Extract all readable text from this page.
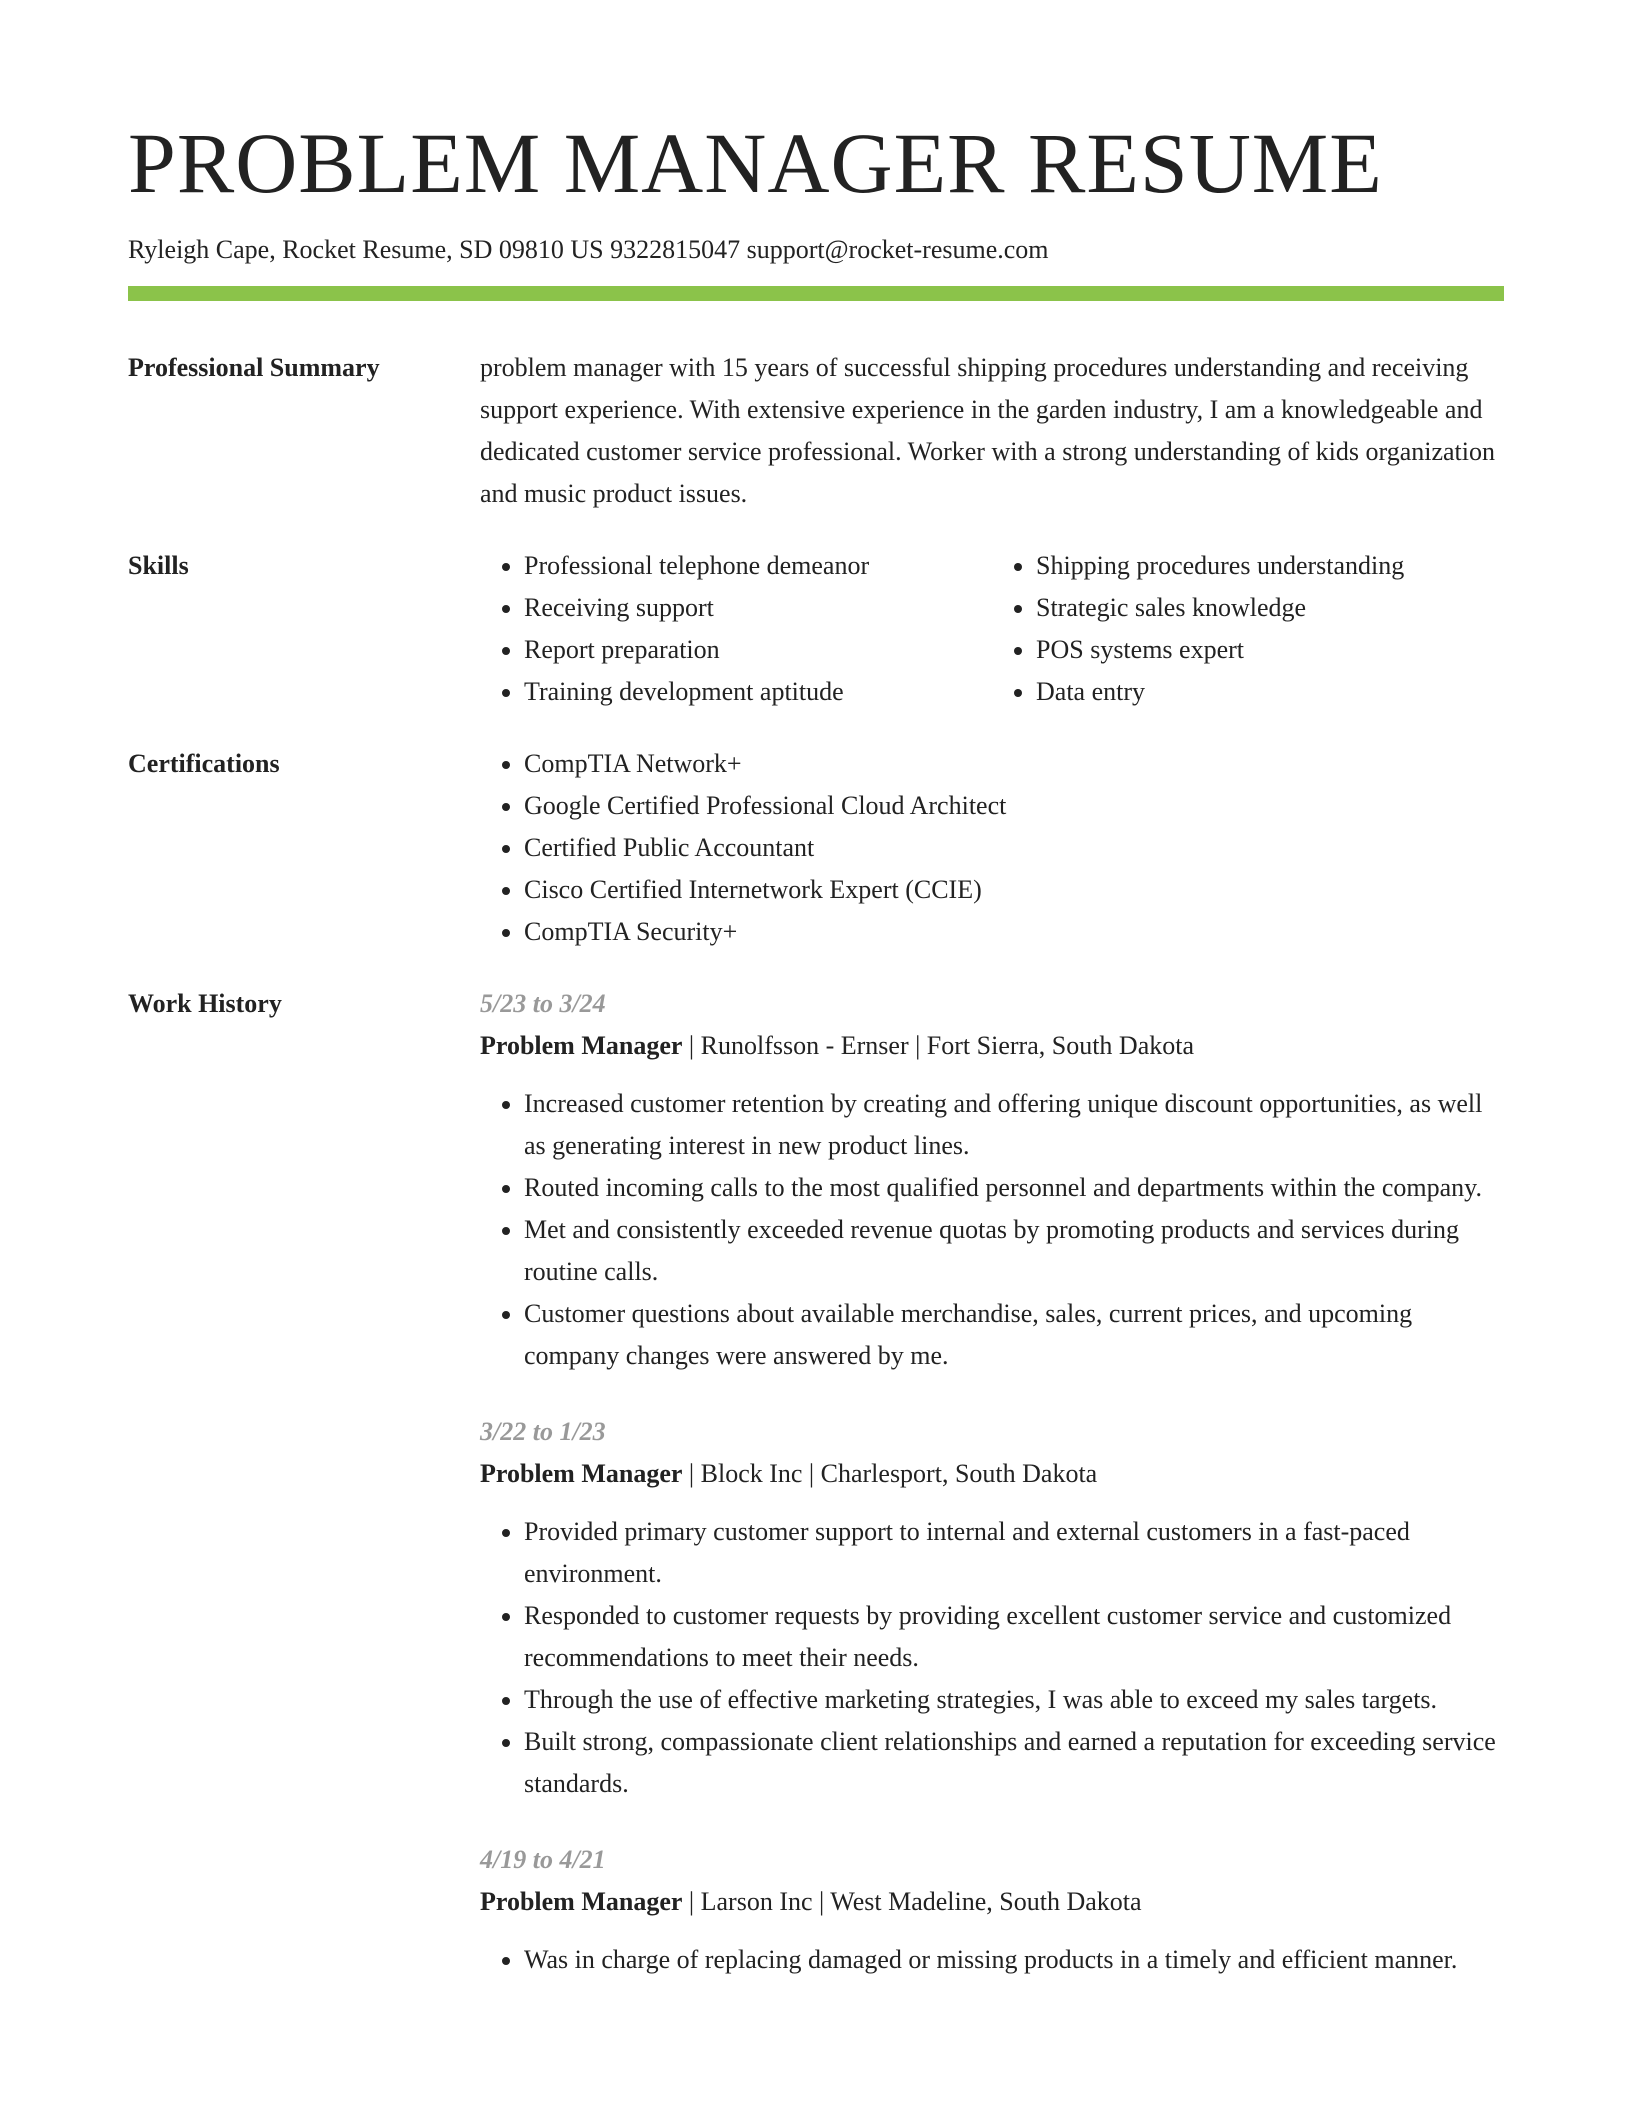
PROBLEM MANAGER RESUME
Ryleigh Cape, Rocket Resume, SD 09810 US 9322815047 support@rocket-resume.com
Professional Summary	problem manager with 15 years of successful shipping procedures understanding and receiving support experience. With extensive experience in the garden industry, I am a knowledgeable and dedicated customer service professional. Worker with a strong understanding of kids organization and music product issues.

Skills	• Professional telephone demeanor
• Receiving support
• Report preparation
• Training development aptitude
• Shipping procedures understanding
• Strategic sales knowledge
• POS systems expert
• Data entry
Certifications	• CompTIA Network+
• Google Certified Professional Cloud Architect
• Certified Public Accountant
• Cisco Certified Internetwork Expert (CCIE)
• CompTIA Security+
Work History	5/23 to 3/24
Problem Manager | Runolfsson - Ernser | Fort Sierra, South Dakota
• Increased customer retention by creating and offering unique discount opportunities, as well as generating interest in new product lines.
• Routed incoming calls to the most qualified personnel and departments within the company.
• Met and consistently exceeded revenue quotas by promoting products and services during routine calls.
• Customer questions about available merchandise, sales, current prices, and upcoming company changes were answered by me.
3/22 to 1/23
Problem Manager | Block Inc | Charlesport, South Dakota
• Provided primary customer support to internal and external customers in a fast-paced environment.
• Responded to customer requests by providing excellent customer service and customized recommendations to meet their needs.
• Through the use of effective marketing strategies, I was able to exceed my sales targets.
• Built strong, compassionate client relationships and earned a reputation for exceeding service standards.
4/19 to 4/21
Problem Manager | Larson Inc | West Madeline, South Dakota
• Was in charge of replacing damaged or missing products in a timely and efficient manner.
